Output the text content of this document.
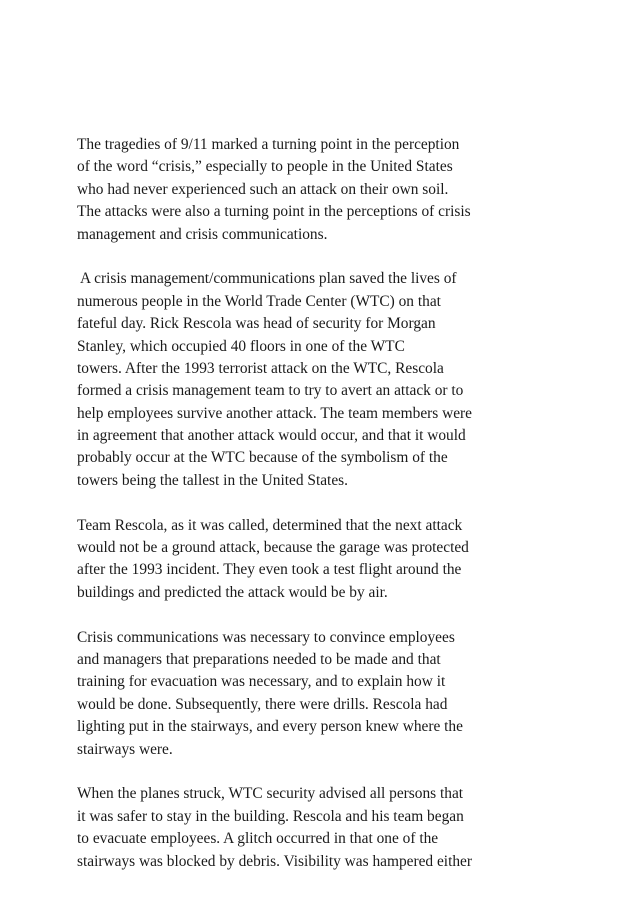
The tragedies of 9/11 marked a turning point in the perception
of the word “crisis,” especially to people in the United States
who had never experienced such an attack on their own soil.
The attacks were also a turning point in the perceptions of crisis
management and crisis communications.
A crisis management/communications plan saved the lives of
numerous people in the World Trade Center (WTC) on that
fateful day. Rick Rescola was head of security for Morgan
Stanley, which occupied 40 floors in one of the WTC
towers. After the 1993 terrorist attack on the WTC, Rescola
formed a crisis management team to try to avert an attack or to
help employees survive another attack. The team members were
in agreement that another attack would occur, and that it would
probably occur at the WTC because of the symbolism of the
towers being the tallest in the United States.
Team Rescola, as it was called, determined that the next attack
would not be a ground attack, because the garage was protected
after the 1993 incident. They even took a test flight around the
buildings and predicted the attack would be by air.
Crisis communications was necessary to convince employees
and managers that preparations needed to be made and that
training for evacuation was necessary, and to explain how it
would be done. Subsequently, there were drills. Rescola had
lighting put in the stairways, and every person knew where the
stairways were.
When the planes struck, WTC security advised all persons that
it was safer to stay in the building. Rescola and his team began
to evacuate employees. A glitch occurred in that one of the
stairways was blocked by debris. Visibility was hampered either
